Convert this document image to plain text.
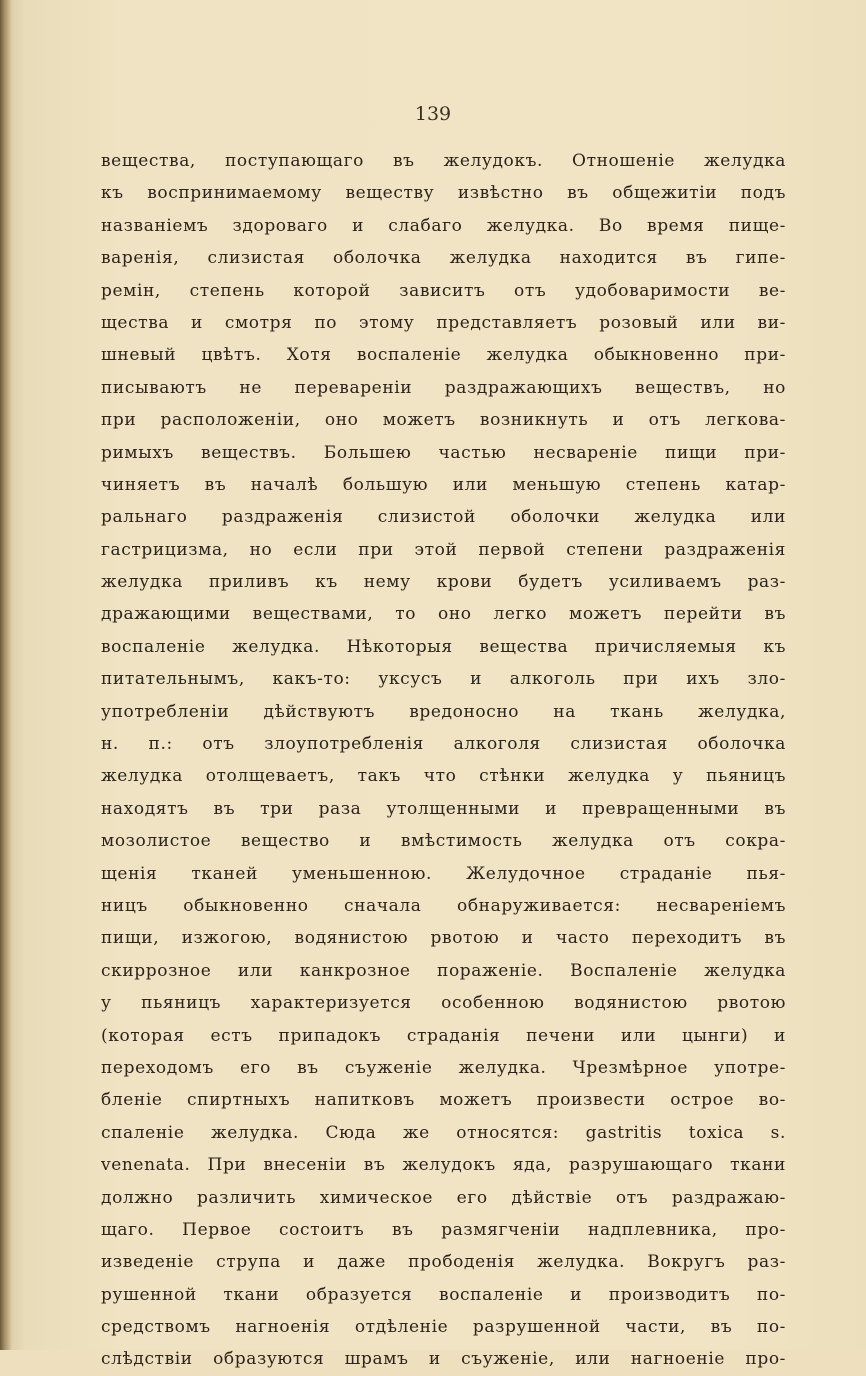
139
вещества, поступающаго въ желудокъ. Отношеніе желудка
къ воспринимаемому веществу извѣстно въ общежитіи подъ
названіемъ здороваго и слабаго желудка. Во время пище-
варенія, слизистая оболочка желудка находится въ гипе-
ремін, степень которой зависитъ отъ удобоваримости ве-
щества и смотря по этому представляетъ розовый или ви-
шневый цвѣтъ. Хотя воспаленіе желудка обыкновенно при-
писываютъ не перевареніи раздражающихъ веществъ, но
при расположеніи, оно можетъ возникнуть и отъ легкова-
римыхъ веществъ. Большею частью несвареніе пищи при-
чиняетъ въ началѣ большую или меньшую степень катар-
ральнаго раздраженія слизистой оболочки желудка или
гастрицизма, но если при этой первой степени раздраженія
желудка приливъ къ нему крови будетъ усиливаемъ раз-
дражающими веществами, то оно легко можетъ перейти въ
воспаленіе желудка. Нѣкоторыя вещества причисляемыя къ
питательнымъ, какъ-то: уксусъ и алкоголь при ихъ зло-
употребленіи дѣйствуютъ вредоносно на ткань желудка,
н. п.: отъ злоупотребленія алкоголя слизистая оболочка
желудка отолщеваетъ, такъ что стѣнки желудка у пьяницъ
находятъ въ три раза утолщенными и превращенными въ
мозолистое вещество и вмѣстимость желудка отъ сокра-
щенія тканей уменьшенною. Желудочное страданіе пья-
ницъ обыкновенно сначала обнаруживается: несвареніемъ
пищи, изжогою, водянистою рвотою и часто переходитъ въ
скиррозное или канкрозное пораженіе. Воспаленіе желудка
у пьяницъ характеризуется особенною водянистою рвотою
(которая естъ припадокъ страданія печени или цынги) и
переходомъ его въ съуженіе желудка. Чрезмѣрное употре-
бленіе спиртныхъ напитковъ можетъ произвести острое во-
спаленіе желудка. Сюда же относятся: gastritis toxica s.
venenata. При внесеніи въ желудокъ яда, разрушающаго ткани
должно различить химическое его дѣйствіе отъ раздражаю-
щаго. Первое состоитъ въ размягченіи надплевника, про-
изведеніе струпа и даже прободенія желудка. Вокругъ раз-
рушенной ткани образуется воспаленіе и производитъ по-
средствомъ нагноенія отдѣленіе разрушенной части, въ по-
слѣдствіи образуются шрамъ и съуженіе, или нагноеніе про-
